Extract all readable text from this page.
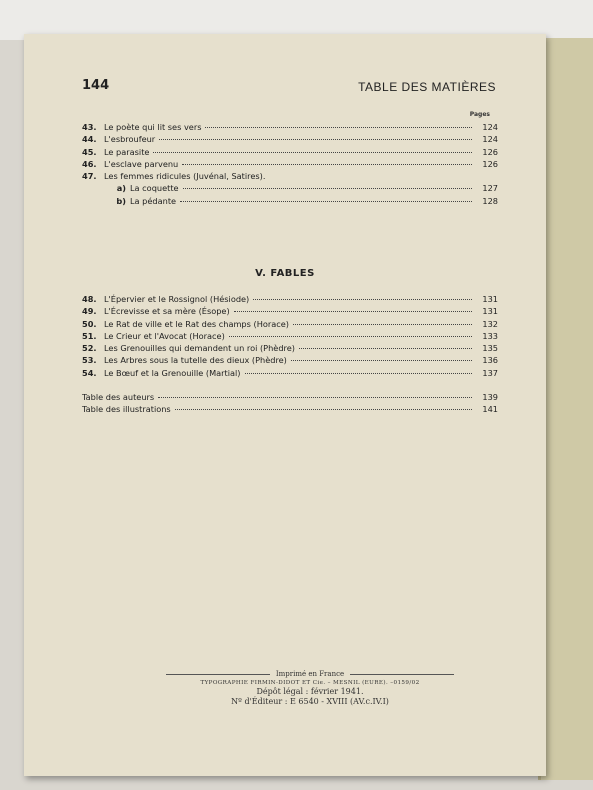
144	TABLE DES MATIÈRES
Pages
43. Le poète qui lit ses vers	124
44. L'esbroufeur	124
45. Le parasite	126
46. L'esclave parvenu	126
47. Les femmes ridicules (Juvénal, Satires).
a) La coquette	127
b) La pédante	128
V. FABLES
48. L'Épervier et le Rossignol (Hésiode)	131
49. L'Écrevisse et sa mère (Ésope)	131
50. Le Rat de ville et le Rat des champs (Horace)	132
51. Le Crieur et l'Avocat (Horace)	133
52. Les Grenouilles qui demandent un roi (Phèdre)	135
53. Les Arbres sous la tutelle des dieux (Phèdre)	136
54. Le Bœuf et la Grenouille (Martial)	137
Table des auteurs	139
Table des illustrations	141
Imprimé en France
TYPOGRAPHIE FIRMIN-DIDOT ET Cie. – MESNIL (EURE). –0159/02
Dépôt légal : février 1941.
Nº d'Éditeur : E 6540 - XVIII (AV.c.IV.I)
